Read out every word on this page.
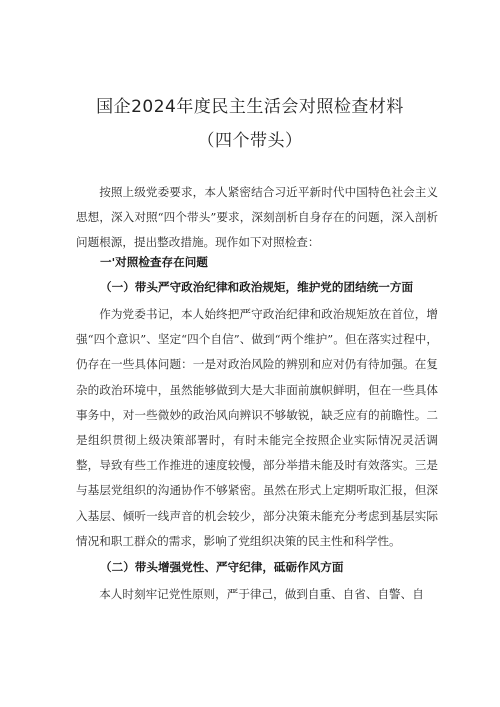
国企2024年度民主生活会对照检查材料
（四个带头）

按照上级党委要求，本人紧密结合习近平新时代中国特色社会主义思想，深入对照“四个带头”要求，深刻剖析自身存在的问题，深入剖析问题根源，提出整改措施。现作如下对照检查：

一'对照检查存在问题

（一）带头严守政治纪律和政治规矩，维护党的团结统一方面

作为党委书记，本人始终把严守政治纪律和政治规矩放在首位，增强“四个意识”、坚定“四个自信”、做到“两个维护”。但在落实过程中，仍存在一些具体问题：一是对政治风险的辨别和应对仍有待加强。在复杂的政治环境中，虽然能够做到大是大非面前旗帜鲜明，但在一些具体事务中，对一些微妙的政治风向辨识不够敏锐，缺乏应有的前瞻性。二是组织贯彻上级决策部署时，有时未能完全按照企业实际情况灵活调整，导致有些工作推进的速度较慢，部分举措未能及时有效落实。三是与基层党组织的沟通协作不够紧密。虽然在形式上定期听取汇报，但深入基层、倾听一线声音的机会较少，部分决策未能充分考虑到基层实际情况和职工群众的需求，影响了党组织决策的民主性和科学性。

（二）带头增强党性、严守纪律，砥砺作风方面

本人时刻牢记党性原则，严于律己，做到自重、自省、自警、自
